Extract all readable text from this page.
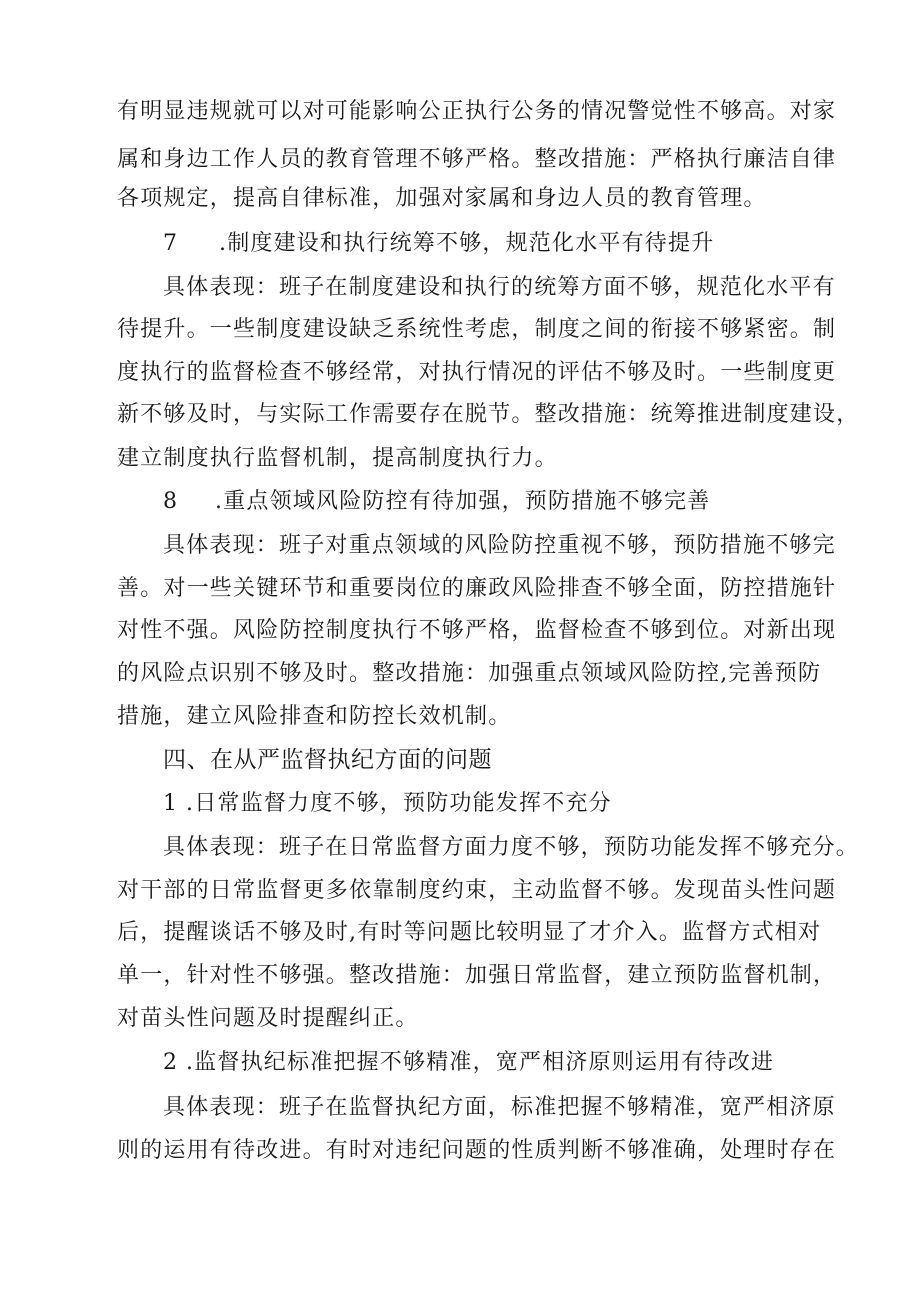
有明显违规就可以对可能影响公正执行公务的情况警觉性不够高。对家
属和身边工作人员的教育管理不够严格。整改措施：严格执行廉洁自律
各项规定，提高自律标准，加强对家属和身边人员的教育管理。
7 .制度建设和执行统筹不够，规范化水平有待提升
具体表现：班子在制度建设和执行的统筹方面不够，规范化水平有
待提升。一些制度建设缺乏系统性考虑，制度之间的衔接不够紧密。制
度执行的监督检查不够经常，对执行情况的评估不够及时。一些制度更
新不够及时，与实际工作需要存在脱节。整改措施：统筹推进制度建设，
建立制度执行监督机制，提高制度执行力。
8 .重点领域风险防控有待加强，预防措施不够完善
具体表现：班子对重点领域的风险防控重视不够，预防措施不够完
善。对一些关键环节和重要岗位的廉政风险排查不够全面，防控措施针
对性不强。风险防控制度执行不够严格，监督检查不够到位。对新出现
的风险点识别不够及时。整改措施：加强重点领域风险防控,完善预防
措施，建立风险排查和防控长效机制。
四、在从严监督执纪方面的问题
1 .日常监督力度不够，预防功能发挥不充分
具体表现：班子在日常监督方面力度不够，预防功能发挥不够充分。
对干部的日常监督更多依靠制度约束，主动监督不够。发现苗头性问题
后，提醒谈话不够及时,有时等问题比较明显了才介入。监督方式相对
单一，针对性不够强。整改措施：加强日常监督，建立预防监督机制，
对苗头性问题及时提醒纠正。
2 .监督执纪标准把握不够精准，宽严相济原则运用有待改进
具体表现：班子在监督执纪方面，标准把握不够精准，宽严相济原
则的运用有待改进。有时对违纪问题的性质判断不够准确，处理时存在
